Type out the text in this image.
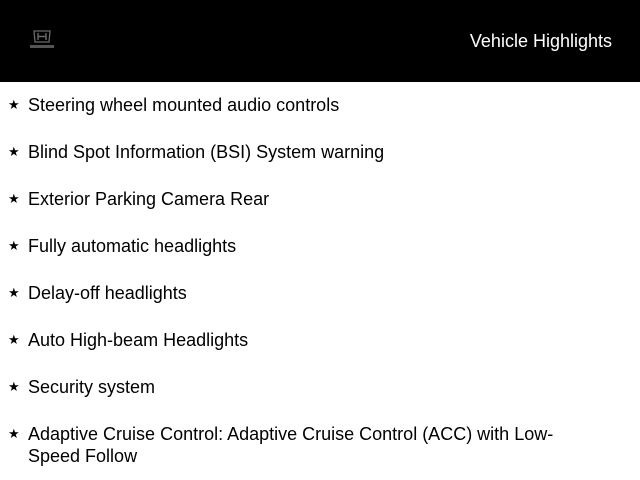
Vehicle Highlights
★ Steering wheel mounted audio controls
★ Blind Spot Information (BSI) System warning
★ Exterior Parking Camera Rear
★ Fully automatic headlights
★ Delay-off headlights
★ Auto High-beam Headlights
★ Security system
★ Adaptive Cruise Control: Adaptive Cruise Control (ACC) with Low-Speed Follow
